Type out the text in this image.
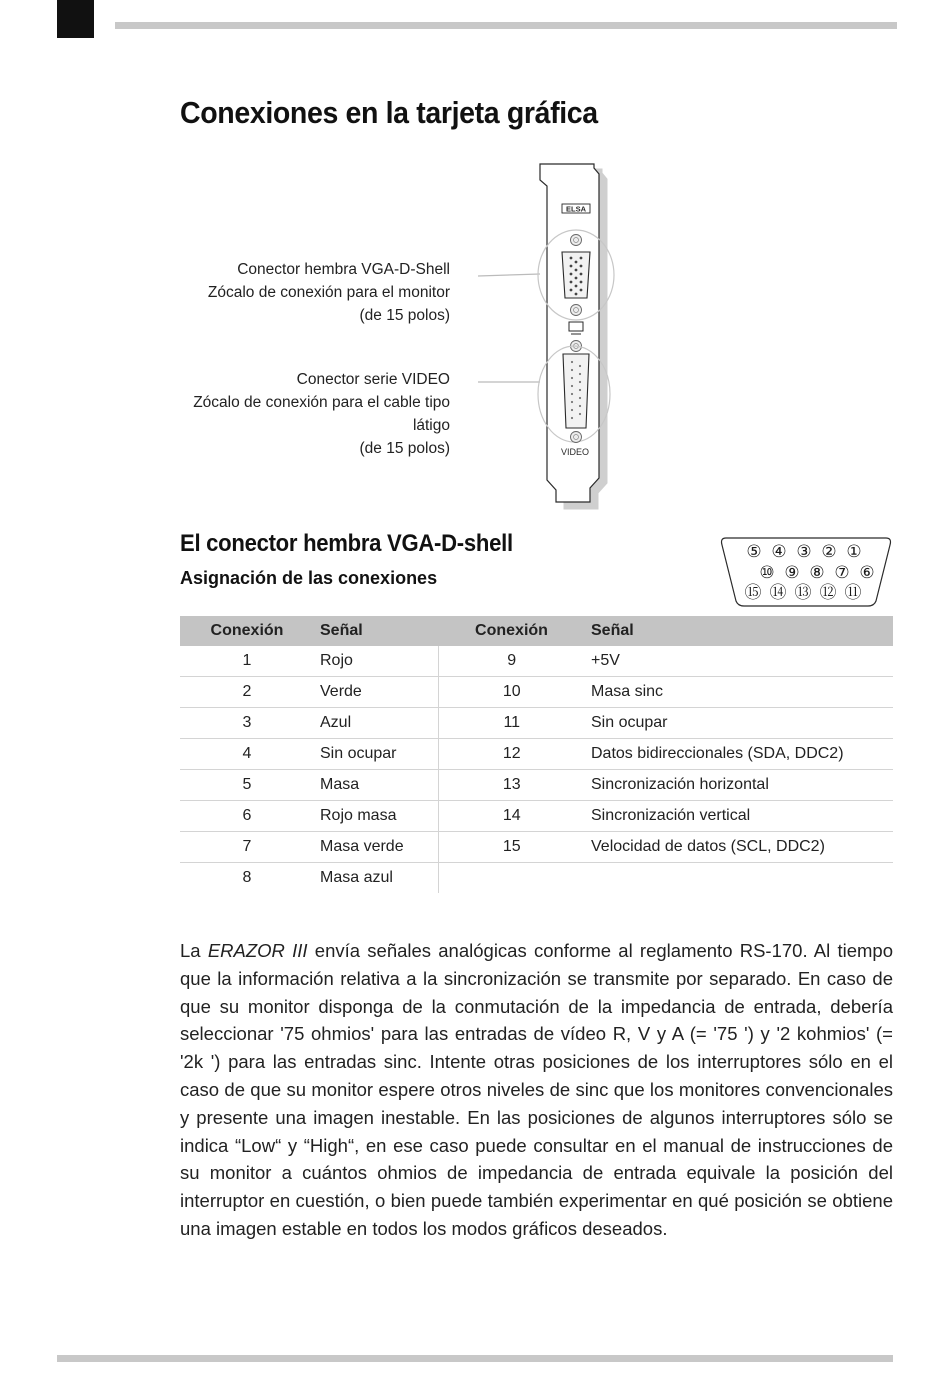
Conexiones en la tarjeta gráfica
Conector hembra VGA-D-Shell
Zócalo de conexión para el monitor
(de 15 polos)
Conector serie VIDEO
Zócalo de conexión para el cable tipo
látigo
(de 15 polos)
ELSA
VIDEO
El conector hembra VGA-D-shell
Asignación de las conexiones
⑤ ④ ③ ② ①
⑩ ⑨ ⑧ ⑦ ⑥
⑮ ⑭ ⑬ ⑫ ⑪
Conexión	Señal	Conexión	Señal
1	Rojo	9	+5V
2	Verde	10	Masa sinc
3	Azul	11	Sin ocupar
4	Sin ocupar	12	Datos bidireccionales (SDA, DDC2)
5	Masa	13	Sincronización horizontal
6	Rojo masa	14	Sincronización vertical
7	Masa verde	15	Velocidad de datos (SCL, DDC2)
8	Masa azul		

La ERAZOR III envía señales analógicas conforme al reglamento RS-170. Al tiempo que la información relativa a la sincronización se transmite por separado. En caso de que su monitor disponga de la conmutación de la impedancia de entrada, debería seleccionar '75 ohmios' para las entradas de vídeo R, V y A (= '75 ') y '2 kohmios' (= '2k ') para las entradas sinc. Intente otras posiciones de los interruptores sólo en el caso de que su monitor espere otros niveles de sinc que los monitores convencionales y presente una imagen inestable. En las posiciones de algunos interruptores sólo se indica “Low“ y “High“, en ese caso puede consultar en el manual de instrucciones de su monitor a cuántos ohmios de impedancia de entrada equivale la posición del interruptor en cuestión, o bien puede también experimentar en qué posición se obtiene una imagen estable en todos los modos gráficos deseados.
